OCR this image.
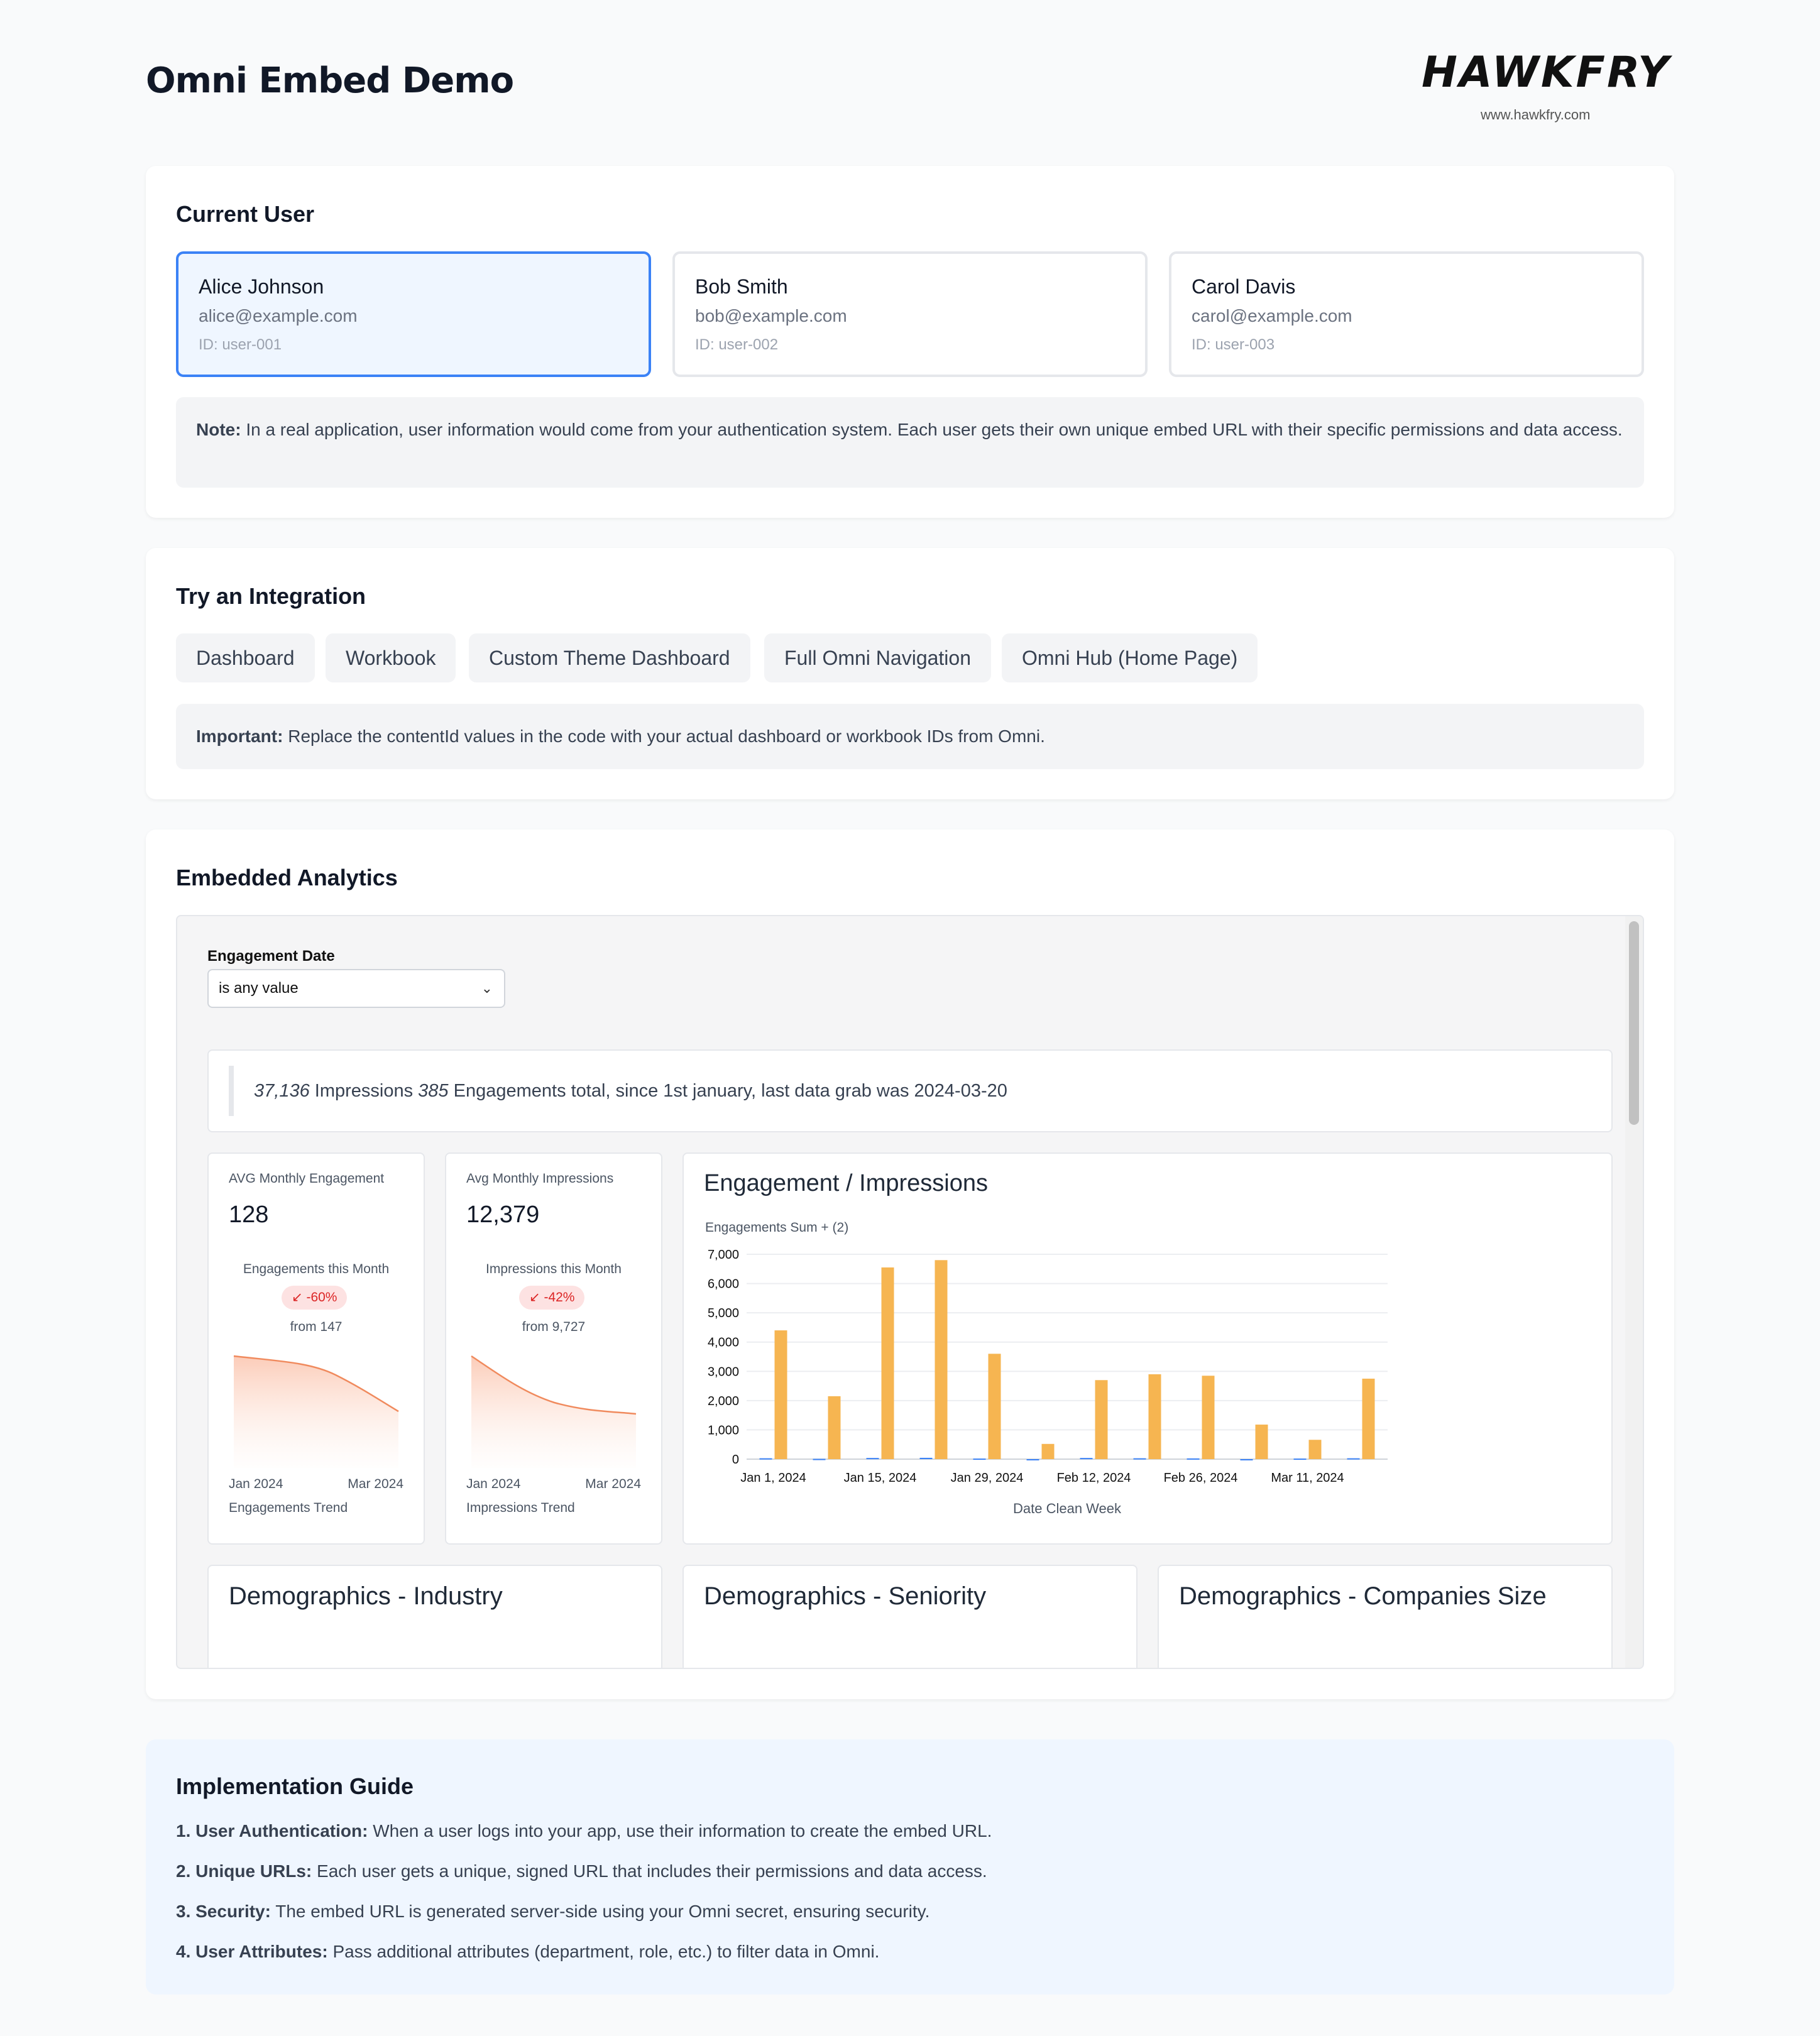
Omni Embed Demo	HAWKFRY
www.hawkfry.com
Current User
Alice Johnson
alice@example.com
ID: user-001
Bob Smith
bob@example.com
ID: user-002
Carol Davis
carol@example.com
ID: user-003
Note: In a real application, user information would come from your authentication system. Each user gets their own unique embed URL with their specific permissions and data access.
Try an Integration
Dashboard	Workbook	Custom Theme Dashboard	Full Omni Navigation	Omni Hub (Home Page)
Important: Replace the contentId values in the code with your actual dashboard or workbook IDs from Omni.
Embedded Analytics
Engagement Date
is any value	⌄
37,136 Impressions 385 Engagements total, since 1st january, last data grab was 2024-03-20
AVG Monthly Engagement
128
Engagements this Month
↙ -60%
from 147
Jan 2024	Mar 2024
Engagements Trend
Avg Monthly Impressions
12,379
Impressions this Month
↙ -42%
from 9,727
Jan 2024	Mar 2024
Impressions Trend
Engagement / Impressions
Engagements Sum + (2)
0
1,000
2,000
3,000
4,000
5,000
6,000
7,000
Jan 1, 2024	Jan 15, 2024	Jan 29, 2024	Feb 12, 2024	Feb 26, 2024	Mar 11, 2024
Date Clean Week
Demographics - Industry	Demographics - Seniority	Demographics - Companies Size
Implementation Guide
1. User Authentication: When a user logs into your app, use their information to create the embed URL.
2. Unique URLs: Each user gets a unique, signed URL that includes their permissions and data access.
3. Security: The embed URL is generated server-side using your Omni secret, ensuring security.
4. User Attributes: Pass additional attributes (department, role, etc.) to filter data in Omni.
